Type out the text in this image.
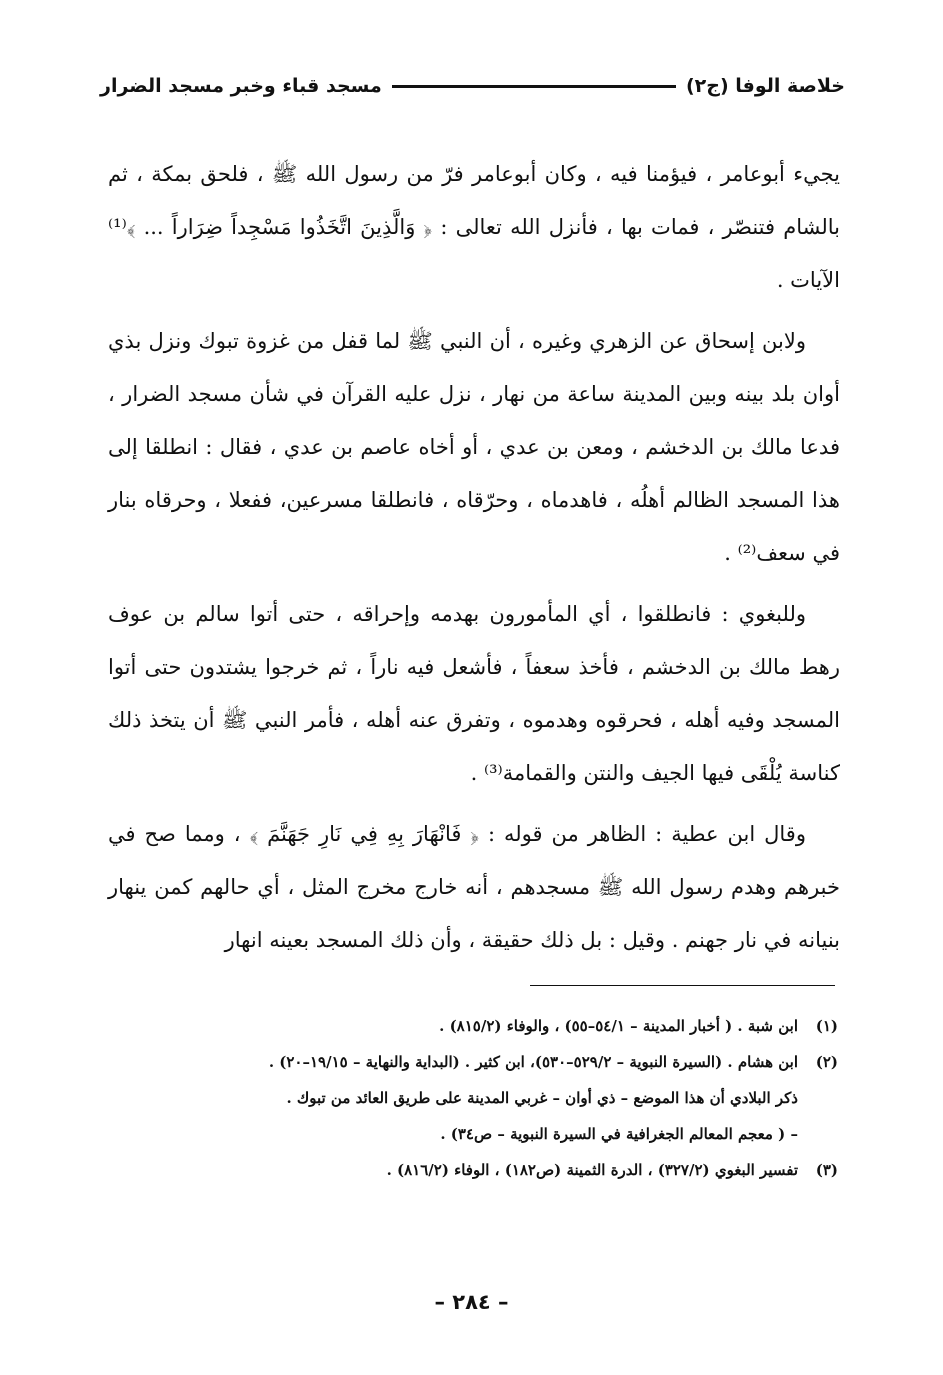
خلاصة الوفا (ج٢)
مسجد قباء وخبر مسجد الضرار

يجيء أبوعامر ، فيؤمنا فيه ، وكان أبوعامر فرّ من رسول الله ﷺ ، فلحق بمكة ، ثم بالشام فتنصّر ، فمات بها ، فأنزل الله تعالى : ﴿ وَالَّذِينَ اتَّخَذُوا مَسْجِداً ضِرَاراً ... ﴾⁽¹⁾ الآيات .

ولابن إسحاق عن الزهري وغيره ، أن النبي ﷺ لما قفل من غزوة تبوك ونزل بذي أوان بلد بينه وبين المدينة ساعة من نهار ، نزل عليه القرآن في شأن مسجد الضرار ، فدعا مالك بن الدخشم ، ومعن بن عدي ، أو أخاه عاصم بن عدي ، فقال : انطلقا إلى هذا المسجد الظالم أهلُه ، فاهدماه ، وحرّقاه ، فانطلقا مسرعين، ففعلا ، وحرقاه بنار في سعف⁽²⁾ .

وللبغوي : فانطلقوا ، أي المأمورون بهدمه وإحراقه ، حتى أتوا سالم بن عوف رهط مالك بن الدخشم ، فأخذ سعفاً ، فأشعل فيه ناراً ، ثم خرجوا يشتدون حتى أتوا المسجد وفيه أهله ، فحرقوه وهدموه ، وتفرق عنه أهله ، فأمر النبي ﷺ أن يتخذ ذلك كناسة يُلْقَى فيها الجيف والنتن والقمامة⁽³⁾ .

وقال ابن عطية : الظاهر من قوله : ﴿ فَانْهَارَ بِهِ فِي نَارِ جَهَنَّمَ ﴾ ، ومما صح في خبرهم وهدم رسول الله ﷺ مسجدهم ، أنه خارج مخرج المثل ، أي حالهم كمن ينهار بنيانه في نار جهنم . وقيل : بل ذلك حقيقة ، وأن ذلك المسجد بعينه انهار

(١)ابن شبة . ( أخبار المدينة – ٥٤/١–٥٥) ، والوفاء (٨١٥/٢) .

(٢)ابن هشام . (السيرة النبوية – ٥٢٩/٢–٥٣٠)، ابن كثير . (البداية والنهاية – ١٩/١٥–٢٠) .

ذكر البلادي أن هذا الموضع – ذي أوان – غربي المدينة على طريق العائد من تبوك .

– ( معجم المعالم الجغرافية في السيرة النبوية – ص٣٤) .

(٣)تفسير البغوي (٣٢٧/٢) ، الدرة الثمينة (ص١٨٢) ، الوفاء (٨١٦/٢) .

– ٢٨٤ –
